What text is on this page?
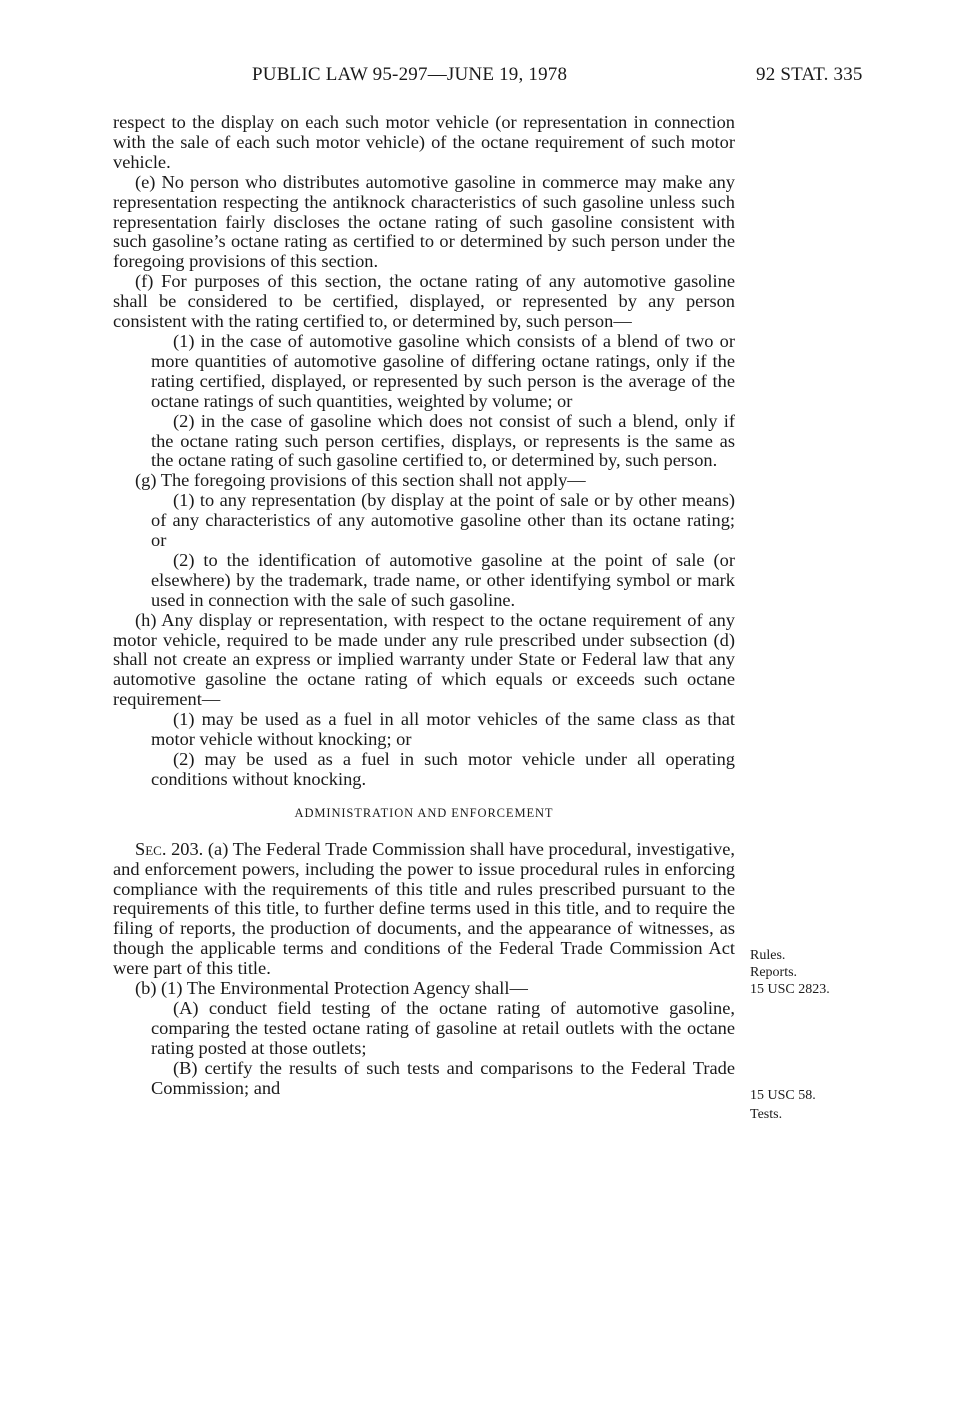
PUBLIC LAW 95-297—JUNE 19, 1978	92 STAT. 335

respect to the display on each such motor vehicle (or representation in connection with the sale of each such motor vehicle) of the octane requirement of such motor vehicle.

(e) No person who distributes automotive gasoline in commerce may make any representation respecting the antiknock characteristics of such gasoline unless such representation fairly discloses the octane rating of such gasoline consistent with such gasoline’s octane rating as certified to or determined by such person under the foregoing provisions of this section.

(f) For purposes of this section, the octane rating of any automotive gasoline shall be considered to be certified, displayed, or represented by any person consistent with the rating certified to, or determined by, such person—

(1) in the case of automotive gasoline which consists of a blend of two or more quantities of automotive gasoline of differing octane ratings, only if the rating certified, displayed, or represented by such person is the average of the octane ratings of such quantities, weighted by volume; or

(2) in the case of gasoline which does not consist of such a blend, only if the octane rating such person certifies, displays, or represents is the same as the octane rating of such gasoline certified to, or determined by, such person.

(g) The foregoing provisions of this section shall not apply—

(1) to any representation (by display at the point of sale or by other means) of any characteristics of any automotive gasoline other than its octane rating; or

(2) to the identification of automotive gasoline at the point of sale (or elsewhere) by the trademark, trade name, or other identifying symbol or mark used in connection with the sale of such gasoline.

(h) Any display or representation, with respect to the octane requirement of any motor vehicle, required to be made under any rule prescribed under subsection (d) shall not create an express or implied warranty under State or Federal law that any automotive gasoline the octane rating of which equals or exceeds such octane requirement—

(1) may be used as a fuel in all motor vehicles of the same class as that motor vehicle without knocking; or

(2) may be used as a fuel in such motor vehicle under all operating conditions without knocking.

ADMINISTRATION AND ENFORCEMENT

Sec. 203. (a) The Federal Trade Commission shall have procedural, investigative, and enforcement powers, including the power to issue procedural rules in enforcing compliance with the requirements of this title and rules prescribed pursuant to the requirements of this title, to further define terms used in this title, and to require the filing of reports, the production of documents, and the appearance of witnesses, as though the applicable terms and conditions of the Federal Trade Commission Act were part of this title.

(b) (1) The Environmental Protection Agency shall—

(A) conduct field testing of the octane rating of automotive gasoline, comparing the tested octane rating of gasoline at retail outlets with the octane rating posted at those outlets;

(B) certify the results of such tests and comparisons to the Federal Trade Commission; and

Rules.
Reports.
15 USC 2823.
15 USC 58.
Tests.
